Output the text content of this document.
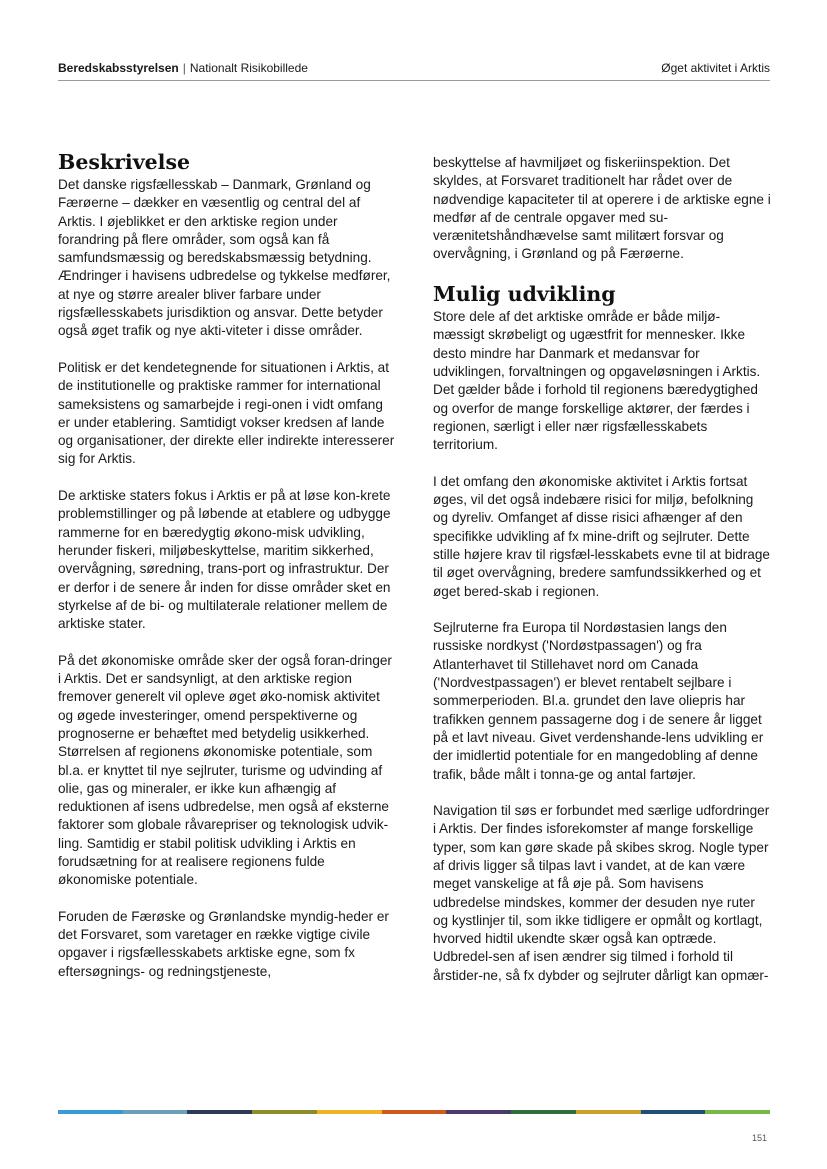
Beredskabsstyrelsen | Nationalt Risikobillede	Øget aktivitet i Arktis
Beskrivelse

Det danske rigsfællesskab – Danmark, Grønland og Færøerne – dækker en væsentlig og central del af Arktis. I øjeblikket er den arktiske region under forandring på flere områder, som også kan få samfundsmæssig og beredskabsmæssig betydning. Ændringer i havisens udbredelse og tykkelse medfører, at nye og større arealer bliver farbare under rigsfællesskabets jurisdiktion og ansvar. Dette betyder også øget trafik og nye akti-viteter i disse områder.

Politisk er det kendetegnende for situationen i Arktis, at de institutionelle og praktiske rammer for international sameksistens og samarbejde i regi-onen i vidt omfang er under etablering. Samtidigt vokser kredsen af lande og organisationer, der direkte eller indirekte interesserer sig for Arktis.

De arktiske staters fokus i Arktis er på at løse kon-krete problemstillinger og på løbende at etablere og udbygge rammerne for en bæredygtig økono-misk udvikling, herunder fiskeri, miljøbeskyttelse, maritim sikkerhed, overvågning, søredning, trans-port og infrastruktur. Der er derfor i de senere år inden for disse områder sket en styrkelse af de bi- og multilaterale relationer mellem de arktiske stater.

På det økonomiske område sker der også foran-dringer i Arktis. Det er sandsynligt, at den arktiske region fremover generelt vil opleve øget øko-nomisk aktivitet og øgede investeringer, omend perspektiverne og prognoserne er behæftet med betydelig usikkerhed. Størrelsen af regionens økonomiske potentiale, som bl.a. er knyttet til nye sejlruter, turisme og udvinding af olie, gas og mineraler, er ikke kun afhængig af reduktionen af isens udbredelse, men også af eksterne faktorer som globale råvarepriser og teknologisk udvik-ling. Samtidig er stabil politisk udvikling i Arktis en forudsætning for at realisere regionens fulde økonomiske potentiale.

Foruden de Færøske og Grønlandske myndig-heder er det Forsvaret, som varetager en række vigtige civile opgaver i rigsfællesskabets arktiske egne, som fx eftersøgnings- og redningstjeneste,

beskyttelse af havmiljøet og fiskeriinspektion. Det skyldes, at Forsvaret traditionelt har rådet over de nødvendige kapaciteter til at operere i de arktiske egne i medfør af de centrale opgaver med su-verænitetshåndhævelse samt militært forsvar og overvågning, i Grønland og på Færøerne.

Mulig udvikling

Store dele af det arktiske område er både miljø-mæssigt skrøbeligt og ugæstfrit for mennesker. Ikke desto mindre har Danmark et medansvar for udviklingen, forvaltningen og opgaveløsningen i Arktis. Det gælder både i forhold til regionens bæredygtighed og overfor de mange forskellige aktører, der færdes i regionen, særligt i eller nær rigsfællesskabets territorium.

I det omfang den økonomiske aktivitet i Arktis fortsat øges, vil det også indebære risici for miljø, befolkning og dyreliv. Omfanget af disse risici afhænger af den specifikke udvikling af fx mine-drift og sejlruter. Dette stille højere krav til rigsfæl-lesskabets evne til at bidrage til øget overvågning, bredere samfundssikkerhed og et øget bered-skab i regionen.

Sejlruterne fra Europa til Nordøstasien langs den russiske nordkyst ('Nordøstpassagen') og fra Atlanterhavet til Stillehavet nord om Canada ('Nordvestpassagen') er blevet rentabelt sejlbare i sommerperioden. Bl.a. grundet den lave oliepris har trafikken gennem passagerne dog i de senere år ligget på et lavt niveau. Givet verdenshande-lens udvikling er der imidlertid potentiale for en mangedobling af denne trafik, både målt i tonna-ge og antal fartøjer.

Navigation til søs er forbundet med særlige udfordringer i Arktis. Der findes isforekomster af mange forskellige typer, som kan gøre skade på skibes skrog. Nogle typer af drivis ligger så tilpas lavt i vandet, at de kan være meget vanskelige at få øje på. Som havisens udbredelse mindskes, kommer der desuden nye ruter og kystlinjer til, som ikke tidligere er opmålt og kortlagt, hvorved hidtil ukendte skær også kan optræde. Udbredel-sen af isen ændrer sig tilmed i forhold til årstider-ne, så fx dybder og sejlruter dårligt kan opmær-

151
